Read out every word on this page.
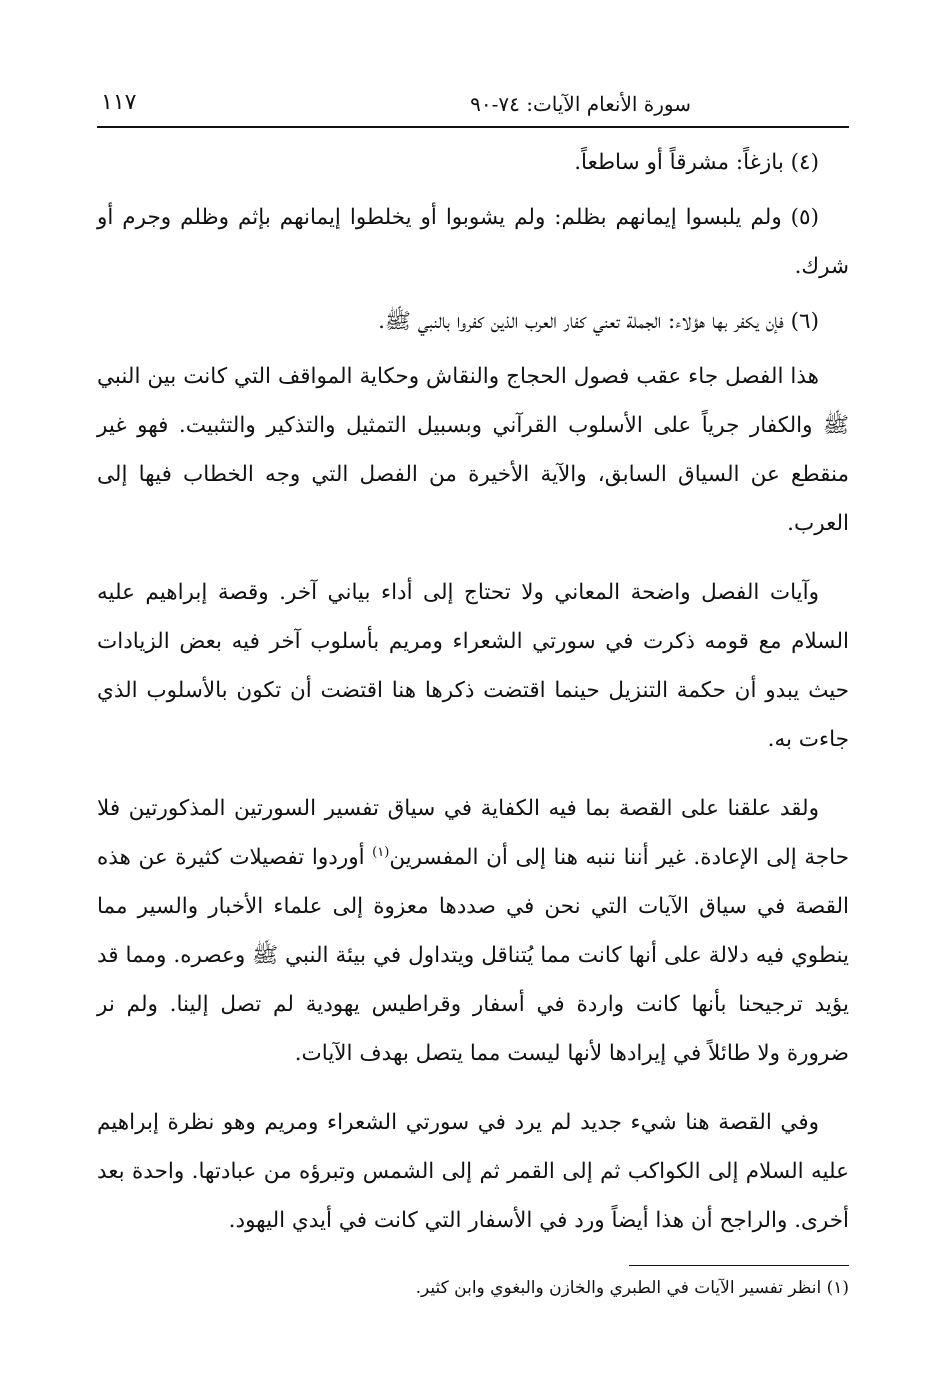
سورة الأنعام الآيات: ٧٤-٩٠
١١٧

(٤) بازغاً: مشرقاً أو ساطعاً.

(٥) ولم يلبسوا إيمانهم بظلم: ولم يشوبوا أو يخلطوا إيمانهم بإثم وظلم وجرم أو شرك.

(٦) فإن يكفر بها هؤلاء: الجملة تعني كفار العرب الذين كفروا بالنبي ﷺ.

هذا الفصل جاء عقب فصول الحجاج والنقاش وحكاية المواقف التي كانت بين النبي ﷺ والكفار جرياً على الأسلوب القرآني وبسبيل التمثيل والتذكير والتثبيت. فهو غير منقطع عن السياق السابق، والآية الأخيرة من الفصل التي وجه الخطاب فيها إلى العرب.

وآيات الفصل واضحة المعاني ولا تحتاج إلى أداء بياني آخر. وقصة إبراهيم عليه السلام مع قومه ذكرت في سورتي الشعراء ومريم بأسلوب آخر فيه بعض الزيادات حيث يبدو أن حكمة التنزيل حينما اقتضت ذكرها هنا اقتضت أن تكون بالأسلوب الذي جاءت به.

ولقد علقنا على القصة بما فيه الكفاية في سياق تفسير السورتين المذكورتين فلا حاجة إلى الإعادة. غير أننا ننبه هنا إلى أن المفسرين$^{(١)}$ أوردوا تفصيلات كثيرة عن هذه القصة في سياق الآيات التي نحن في صددها معزوة إلى علماء الأخبار والسير مما ينطوي فيه دلالة على أنها كانت مما يُتناقل ويتداول في بيئة النبي ﷺ وعصره. ومما قد يؤيد ترجيحنا بأنها كانت واردة في أسفار وقراطيس يهودية لم تصل إلينا. ولم نر ضرورة ولا طائلاً في إيرادها لأنها ليست مما يتصل بهدف الآيات.

وفي القصة هنا شيء جديد لم يرد في سورتي الشعراء ومريم وهو نظرة إبراهيم عليه السلام إلى الكواكب ثم إلى القمر ثم إلى الشمس وتبرؤه من عبادتها. واحدة بعد أخرى. والراجح أن هذا أيضاً ورد في الأسفار التي كانت في أيدي اليهود.

(١) انظر تفسير الآيات في الطبري والخازن والبغوي وابن كثير.
